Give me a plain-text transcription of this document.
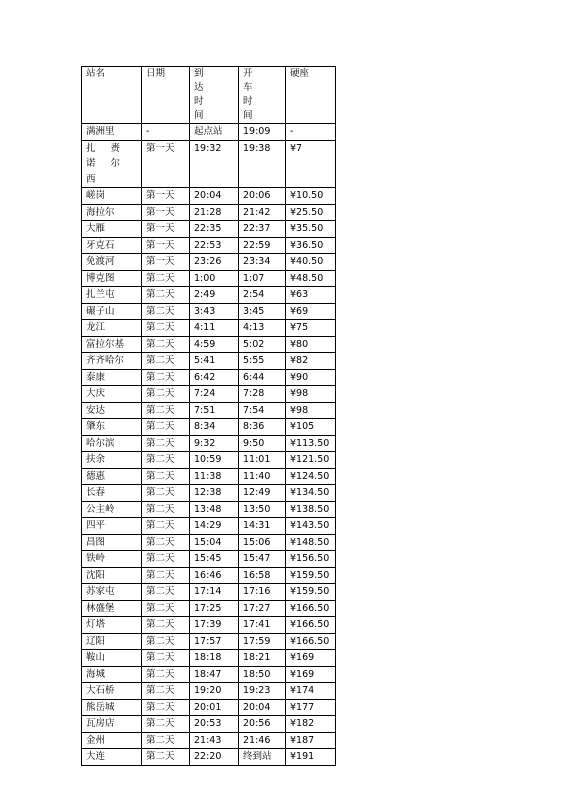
站名	日期	到 达 时 间	开 车 时 间	硬座
满洲里	-	起点站	19:09	-
扎 赉 诺 尔 西	第一天	19:32	19:38	¥7
嵯岗	第一天	20:04	20:06	¥10.50
海拉尔	第一天	21:28	21:42	¥25.50
大雁	第一天	22:35	22:37	¥35.50
牙克石	第一天	22:53	22:59	¥36.50
免渡河	第一天	23:26	23:34	¥40.50
博克图	第二天	1:00	1:07	¥48.50
扎兰屯	第二天	2:49	2:54	¥63
碾子山	第二天	3:43	3:45	¥69
龙江	第二天	4:11	4:13	¥75
富拉尔基	第二天	4:59	5:02	¥80
齐齐哈尔	第二天	5:41	5:55	¥82
泰康	第二天	6:42	6:44	¥90
大庆	第二天	7:24	7:28	¥98
安达	第二天	7:51	7:54	¥98
肇东	第二天	8:34	8:36	¥105
哈尔滨	第二天	9:32	9:50	¥113.50
扶余	第二天	10:59	11:01	¥121.50
德惠	第二天	11:38	11:40	¥124.50
长春	第二天	12:38	12:49	¥134.50
公主岭	第二天	13:48	13:50	¥138.50
四平	第二天	14:29	14:31	¥143.50
昌图	第二天	15:04	15:06	¥148.50
铁岭	第二天	15:45	15:47	¥156.50
沈阳	第二天	16:46	16:58	¥159.50
苏家屯	第二天	17:14	17:16	¥159.50
林盛堡	第二天	17:25	17:27	¥166.50
灯塔	第二天	17:39	17:41	¥166.50
辽阳	第二天	17:57	17:59	¥166.50
鞍山	第二天	18:18	18:21	¥169
海城	第二天	18:47	18:50	¥169
大石桥	第二天	19:20	19:23	¥174
熊岳城	第二天	20:01	20:04	¥177
瓦房店	第二天	20:53	20:56	¥182
金州	第二天	21:43	21:46	¥187
大连	第二天	22:20	终到站	¥191
